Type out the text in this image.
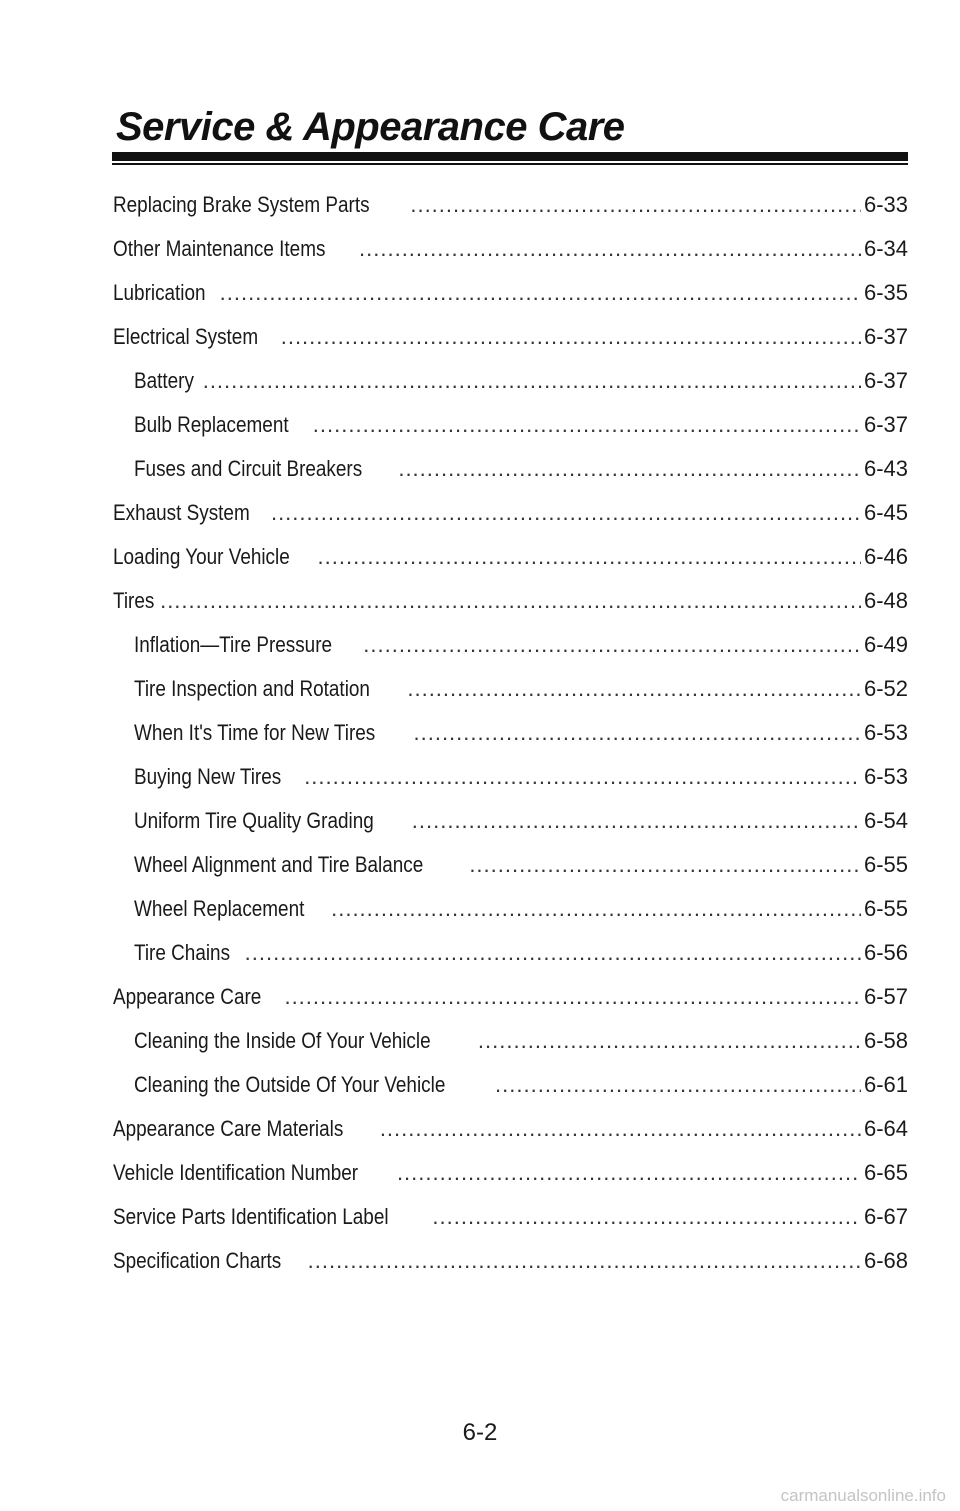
Service & Appearance Care
Replacing Brake System Parts .....	6-33
Other Maintenance Items .....	6-34
Lubrication .....	6-35
Electrical System .....	6-37
Battery .....	6-37
Bulb Replacement .....	6-37
Fuses and Circuit Breakers .....	6-43
Exhaust System .....	6-45
Loading Your Vehicle .....	6-46
Tires .....	6-48
Inflation—Tire Pressure .....	6-49
Tire Inspection and Rotation .....	6-52
When It's Time for New Tires .....	6-53
Buying New Tires .....	6-53
Uniform Tire Quality Grading .....	6-54
Wheel Alignment and Tire Balance .....	6-55
Wheel Replacement .....	6-55
Tire Chains .....	6-56
Appearance Care .....	6-57
Cleaning the Inside Of Your Vehicle .....	6-58
Cleaning the Outside Of Your Vehicle .....	6-61
Appearance Care Materials .....	6-64
Vehicle Identification Number .....	6-65
Service Parts Identification Label .....	6-67
Specification Charts .....	6-68
6-2
carmanualsonline.info
